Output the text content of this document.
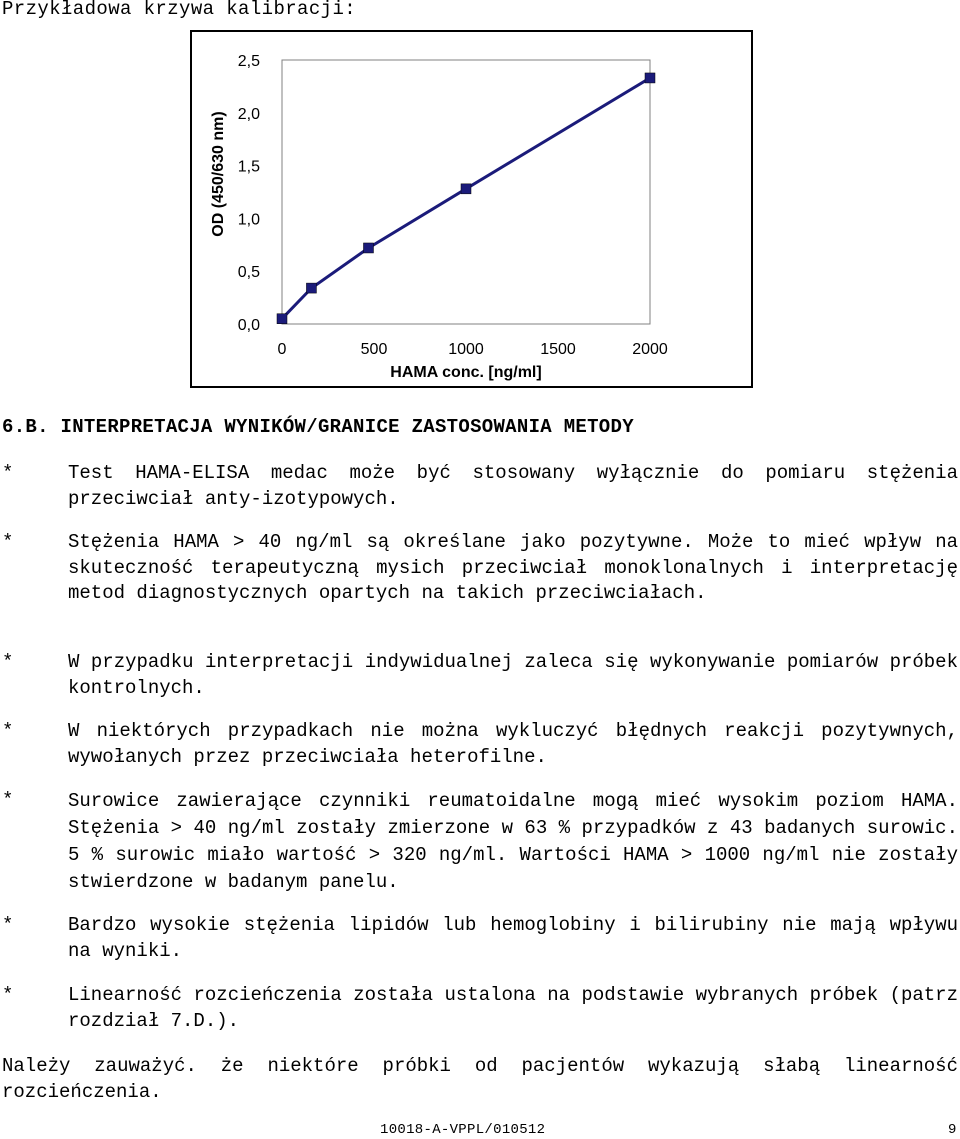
Przykładowa krzywa kalibracji:
0,0
0,5
1,0
1,5
2,0
2,5
0	500	1000	1500	2000
HAMA conc. [ng/ml]
OD (450/630 nm)
6.B. INTERPRETACJA WYNIKÓW/GRANICE ZASTOSOWANIA METODY
*	Test HAMA-ELISA medac może być stosowany wyłącznie do pomiaru stężenia przeciwciał anty-izotypowych.
*	Stężenia HAMA > 40 ng/ml są określane jako pozytywne. Może to mieć wpływ na skuteczność terapeutyczną mysich przeciwciał monoklonalnych i interpretację metod diagnostycznych opartych na takich przeciwciałach.
*	W przypadku interpretacji indywidualnej zaleca się wykonywanie pomiarów próbek kontrolnych.
*	W niektórych przypadkach nie można wykluczyć błędnych reakcji pozytywnych, wywołanych przez przeciwciała heterofilne.
*	Surowice zawierające czynniki reumatoidalne mogą mieć wysokim poziom HAMA. Stężenia > 40 ng/ml zostały zmierzone w 63 % przypadków z 43 badanych surowic. 5 % surowic miało wartość > 320 ng/ml. Wartości HAMA > 1000 ng/ml nie zostały stwierdzone w badanym panelu.
*	Bardzo wysokie stężenia lipidów lub hemoglobiny i bilirubiny nie mają wpływu na wyniki.
*	Linearność rozcieńczenia została ustalona na podstawie wybranych próbek (patrz rozdział 7.D.).
Należy zauważyć. że niektóre próbki od pacjentów wykazują słabą linearność rozcieńczenia.
10018-A-VPPL/010512	9
